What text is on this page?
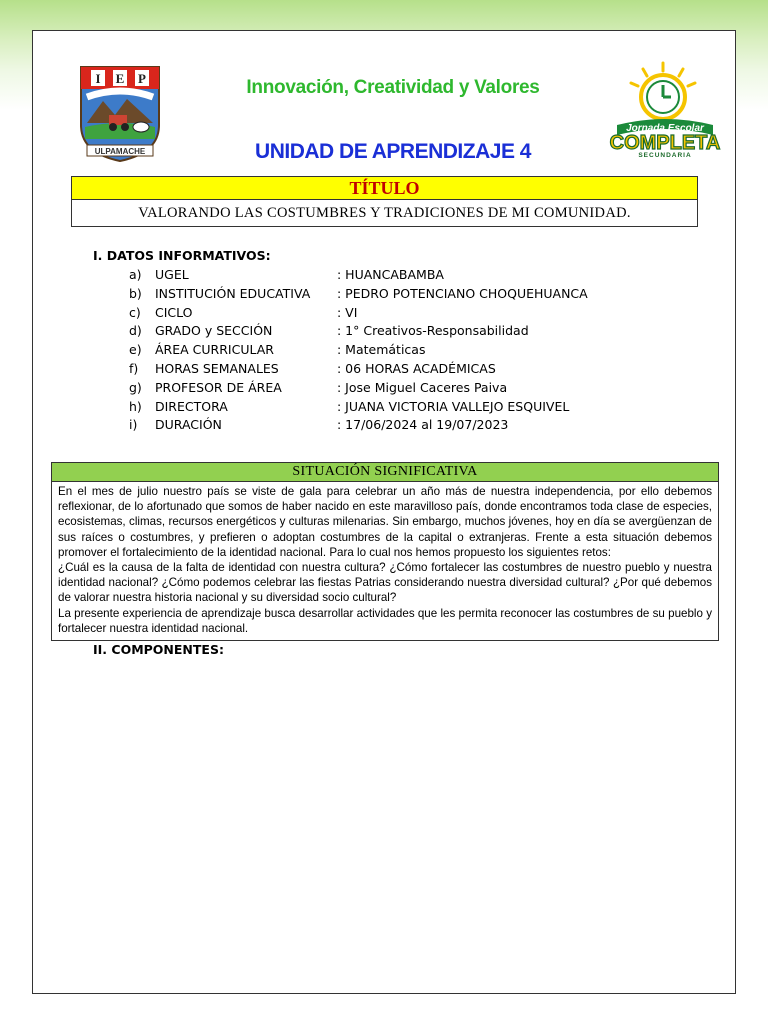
I E P
ULPAMACHE
Jornada Escolar
COMPLETA
SECUNDARIA
Innovación, Creatividad y Valores
UNIDAD DE APRENDIZAJE 4
TÍTULO
VALORANDO LAS COSTUMBRES Y TRADICIONES DE MI COMUNIDAD.
I. DATOS INFORMATIVOS:
a) UGEL	: HUANCABAMBA
b) INSTITUCIÓN EDUCATIVA : PEDRO POTENCIANO CHOQUEHUANCA
c) CICLO	: VI
d) GRADO y SECCIÓN	: 1° Creativos-Responsabilidad
e) ÁREA CURRICULAR	: Matemáticas
f) HORAS SEMANALES	: 06 HORAS ACADÉMICAS
g) PROFESOR DE ÁREA	: Jose Miguel Caceres Paiva
h) DIRECTORA	: JUANA VICTORIA VALLEJO ESQUIVEL
i) DURACIÓN	: 17/06/2024 al 19/07/2023
SITUACIÓN SIGNIFICATIVA

En el mes de julio nuestro país se viste de gala para celebrar un año más de nuestra independencia, por ello debemos reflexionar, de lo afortunado que somos de haber nacido en este maravilloso país, donde encontramos toda clase de especies, ecosistemas, climas, recursos energéticos y culturas milenarias. Sin embargo, muchos jóvenes, hoy en día se avergüenzan de sus raíces o costumbres, y prefieren o adoptan costumbres de la capital o extranjeras. Frente a esta situación debemos promover el fortalecimiento de la identidad nacional. Para lo cual nos hemos propuesto los siguientes retos:

¿Cuál es la causa de la falta de identidad con nuestra cultura? ¿Cómo fortalecer las costumbres de nuestro pueblo y nuestra identidad nacional? ¿Cómo podemos celebrar las fiestas Patrias considerando nuestra diversidad cultural? ¿Por qué debemos de valorar nuestra historia nacional y su diversidad socio cultural?

La presente experiencia de aprendizaje busca desarrollar actividades que les permita reconocer las costumbres de su pueblo y fortalecer nuestra identidad nacional.

II. COMPONENTES:
